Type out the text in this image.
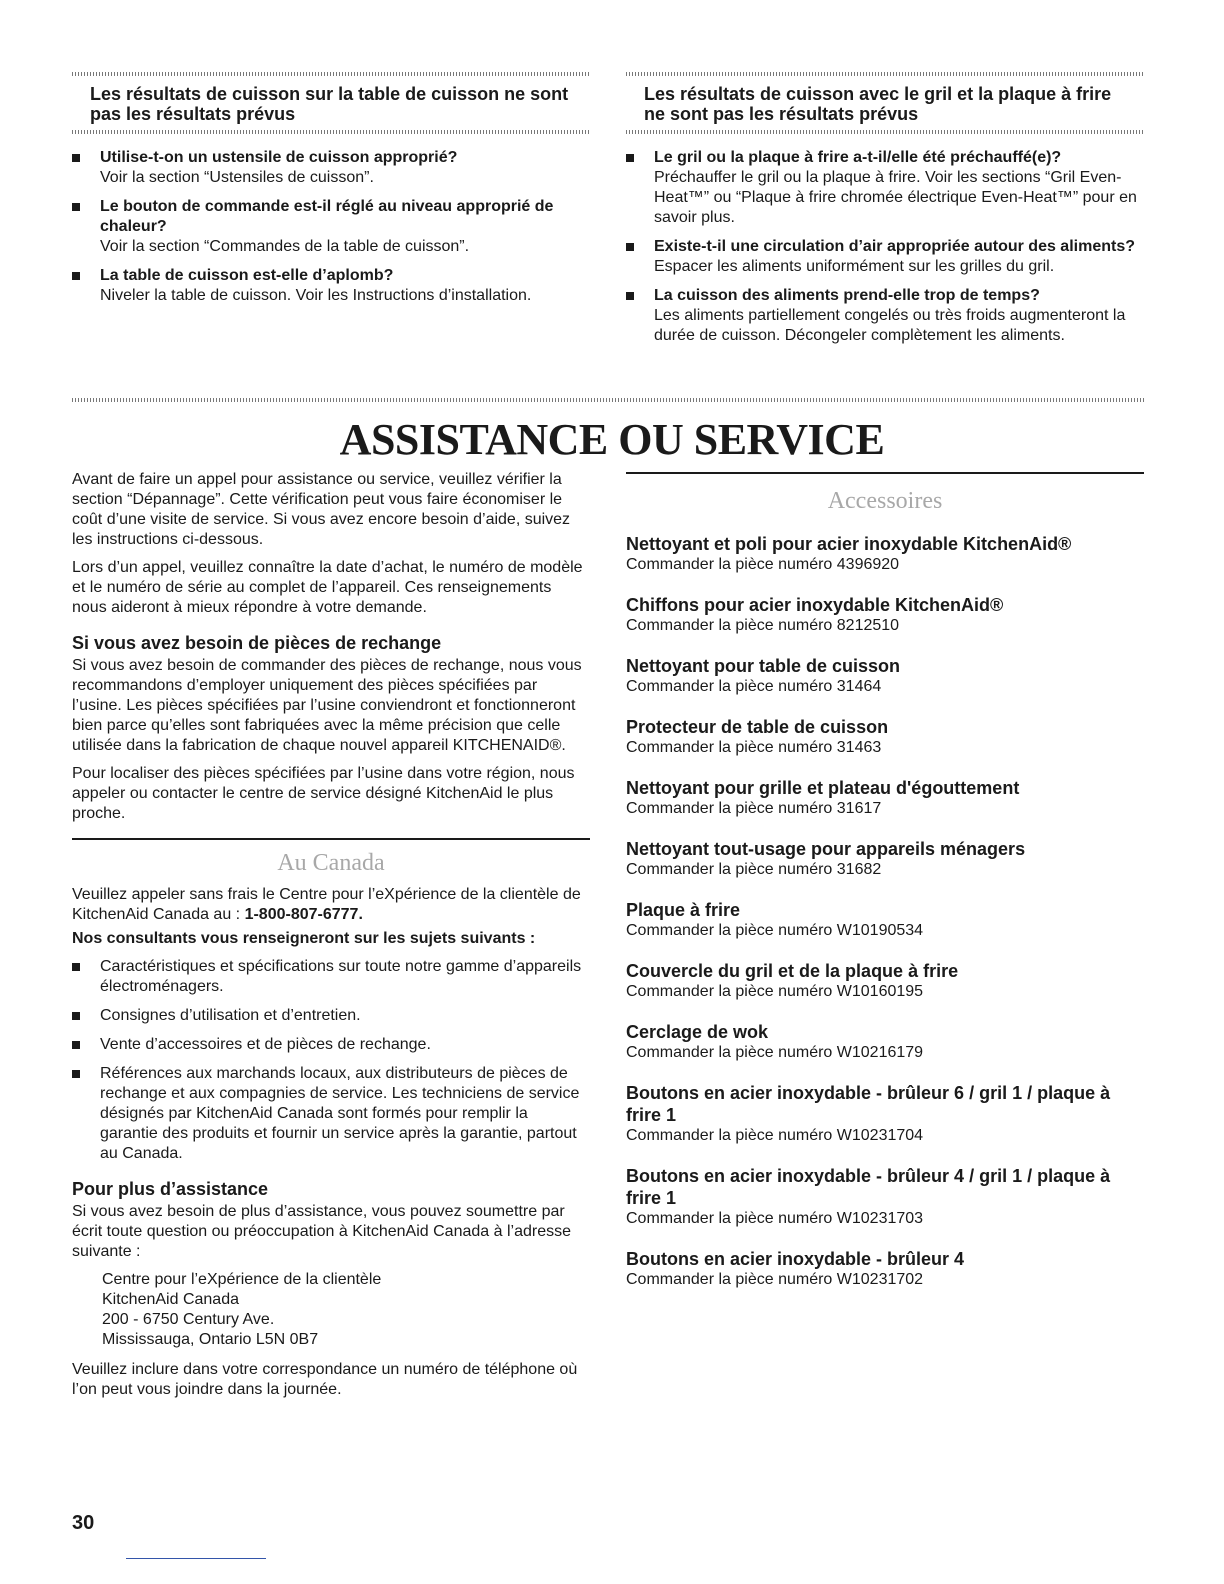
Les résultats de cuisson sur la table de cuisson ne sont pas les résultats prévus
Utilise-t-on un ustensile de cuisson approprié?
Voir la section “Ustensiles de cuisson”.
Le bouton de commande est-il réglé au niveau approprié de chaleur?
Voir la section “Commandes de la table de cuisson”.
La table de cuisson est-elle d’aplomb?
Niveler la table de cuisson. Voir les Instructions d’installation.
Les résultats de cuisson avec le gril et la plaque à frire ne sont pas les résultats prévus
Le gril ou la plaque à frire a-t-il/elle été préchauffé(e)?
Préchauffer le gril ou la plaque à frire. Voir les sections “Gril Even-Heat™” ou “Plaque à frire chromée électrique Even-Heat™” pour en savoir plus.
Existe-t-il une circulation d’air appropriée autour des aliments?
Espacer les aliments uniformément sur les grilles du gril.
La cuisson des aliments prend-elle trop de temps?
Les aliments partiellement congelés ou très froids augmenteront la durée de cuisson. Décongeler complètement les aliments.
ASSISTANCE OU SERVICE

Avant de faire un appel pour assistance ou service, veuillez vérifier la section “Dépannage”. Cette vérification peut vous faire économiser le coût d’une visite de service. Si vous avez encore besoin d’aide, suivez les instructions ci-dessous.

Lors d’un appel, veuillez connaître la date d’achat, le numéro de modèle et le numéro de série au complet de l’appareil. Ces renseignements nous aideront à mieux répondre à votre demande.

Si vous avez besoin de pièces de rechange

Si vous avez besoin de commander des pièces de rechange, nous vous recommandons d’employer uniquement des pièces spécifiées par l’usine. Les pièces spécifiées par l’usine conviendront et fonctionneront bien parce qu’elles sont fabriquées avec la même précision que celle utilisée dans la fabrication de chaque nouvel appareil KITCHENAID®.

Pour localiser des pièces spécifiées par l’usine dans votre région, nous appeler ou contacter le centre de service désigné KitchenAid le plus proche.

Au Canada

Veuillez appeler sans frais le Centre pour l’eXpérience de la clientèle de KitchenAid Canada au : 1-800-807-6777.

Nos consultants vous renseigneront sur les sujets suivants :

Caractéristiques et spécifications sur toute notre gamme d’appareils électroménagers.
Consignes d’utilisation et d’entretien.
Vente d’accessoires et de pièces de rechange.
Références aux marchands locaux, aux distributeurs de pièces de rechange et aux compagnies de service. Les techniciens de service désignés par KitchenAid Canada sont formés pour remplir la garantie des produits et fournir un service après la garantie, partout au Canada.
Pour plus d’assistance

Si vous avez besoin de plus d’assistance, vous pouvez soumettre par écrit toute question ou préoccupation à KitchenAid Canada à l’adresse suivante :

Centre pour l’eXpérience de la clientèle
KitchenAid Canada
200 - 6750 Century Ave.
Mississauga, Ontario L5N 0B7

Veuillez inclure dans votre correspondance un numéro de téléphone où l’on peut vous joindre dans la journée.

Accessoires
Nettoyant et poli pour acier inoxydable KitchenAid®
Commander la pièce numéro 4396920
Chiffons pour acier inoxydable KitchenAid®
Commander la pièce numéro 8212510
Nettoyant pour table de cuisson
Commander la pièce numéro 31464
Protecteur de table de cuisson
Commander la pièce numéro 31463
Nettoyant pour grille et plateau d'égouttement
Commander la pièce numéro 31617
Nettoyant tout-usage pour appareils ménagers
Commander la pièce numéro 31682
Plaque à frire
Commander la pièce numéro W10190534
Couvercle du gril et de la plaque à frire
Commander la pièce numéro W10160195
Cerclage de wok
Commander la pièce numéro W10216179
Boutons en acier inoxydable - brûleur 6 / gril 1 / plaque à frire 1
Commander la pièce numéro W10231704
Boutons en acier inoxydable - brûleur 4 / gril 1 / plaque à frire 1
Commander la pièce numéro W10231703
Boutons en acier inoxydable - brûleur 4
Commander la pièce numéro W10231702
30
